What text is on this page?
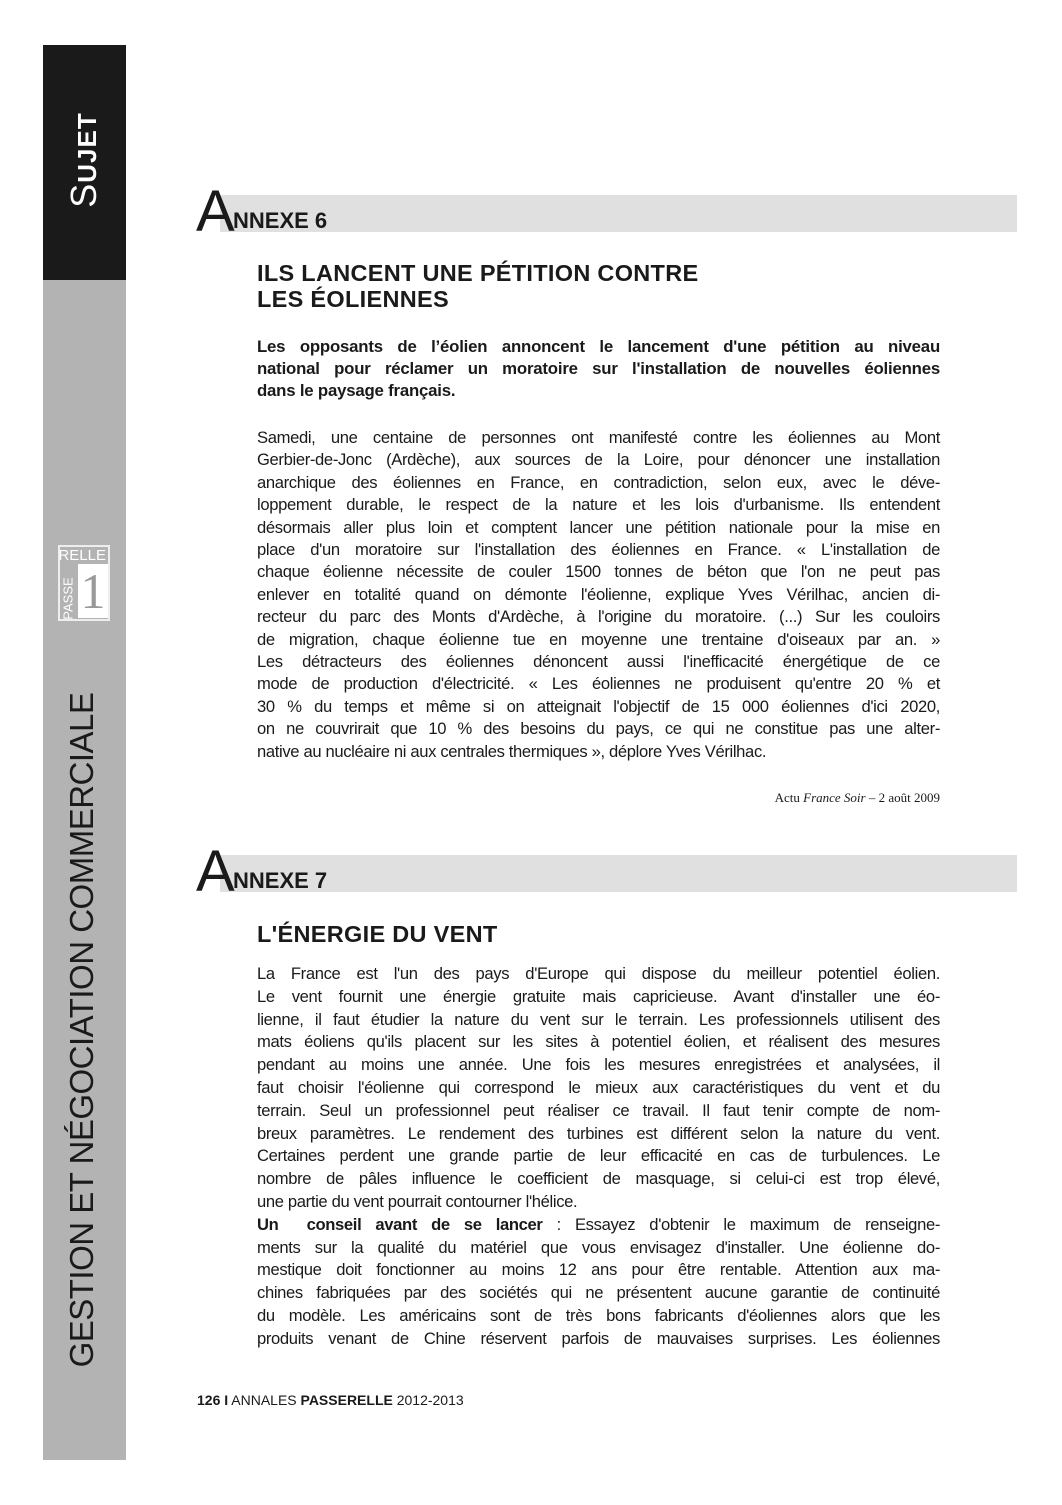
SUJET
GESTION ET NÉGOCIATION COMMERCIALE
RELLE
PASSE 1
A
NNEXE 6
ILS LANCENT UNE PÉTITION CONTRE
LES ÉOLIENNES
Les opposants de l’éolien annoncent le lancement d'une pétition au niveau
national pour réclamer un moratoire sur l'installation de nouvelles éoliennes
dans le paysage français.
Samedi, une centaine de personnes ont manifesté contre les éoliennes au Mont
Gerbier-de-Jonc (Ardèche), aux sources de la Loire, pour dénoncer une installation
anarchique des éoliennes en France, en contradiction, selon eux, avec le déve-
loppement durable, le respect de la nature et les lois d'urbanisme. Ils entendent
désormais aller plus loin et comptent lancer une pétition nationale pour la mise en
place d'un moratoire sur l'installation des éoliennes en France. « L'installation de
chaque éolienne nécessite de couler 1500 tonnes de béton que l'on ne peut pas
enlever en totalité quand on démonte l'éolienne, explique Yves Vérilhac, ancien di-
recteur du parc des Monts d'Ardèche, à l'origine du moratoire. (...) Sur les couloirs
de migration, chaque éolienne tue en moyenne une trentaine d'oiseaux par an. »
Les détracteurs des éoliennes dénoncent aussi l'inefficacité énergétique de ce
mode de production d'électricité. « Les éoliennes ne produisent qu'entre 20 % et
30 % du temps et même si on atteignait l'objectif de 15 000 éoliennes d'ici 2020,
on ne couvrirait que 10 % des besoins du pays, ce qui ne constitue pas une alter-
native au nucléaire ni aux centrales thermiques », déplore Yves Vérilhac.
Actu France Soir – 2 août 2009
A
NNEXE 7
L'ÉNERGIE DU VENT
La France est l'un des pays d'Europe qui dispose du meilleur potentiel éolien.
Le vent fournit une énergie gratuite mais capricieuse. Avant d'installer une éo-
lienne, il faut étudier la nature du vent sur le terrain. Les professionnels utilisent des
mats éoliens qu'ils placent sur les sites à potentiel éolien, et réalisent des mesures
pendant au moins une année. Une fois les mesures enregistrées et analysées, il
faut choisir l'éolienne qui correspond le mieux aux caractéristiques du vent et du
terrain. Seul un professionnel peut réaliser ce travail. Il faut tenir compte de nom-
breux paramètres. Le rendement des turbines est différent selon la nature du vent.
Certaines perdent une grande partie de leur efficacité en cas de turbulences. Le
nombre de pâles influence le coefficient de masquage, si celui-ci est trop élevé,
une partie du vent pourrait contourner l'hélice.
Un  conseil avant de se lancer : Essayez d'obtenir le maximum de renseigne-
ments sur la qualité du matériel que vous envisagez d'installer. Une éolienne do-
mestique doit fonctionner au moins 12 ans pour être rentable. Attention aux ma-
chines fabriquées par des sociétés qui ne présentent aucune garantie de continuité
du modèle. Les américains sont de très bons fabricants d'éoliennes alors que les
produits venant de Chine réservent parfois de mauvaises surprises. Les éoliennes
126 I ANNALES PASSERELLE 2012-2013
